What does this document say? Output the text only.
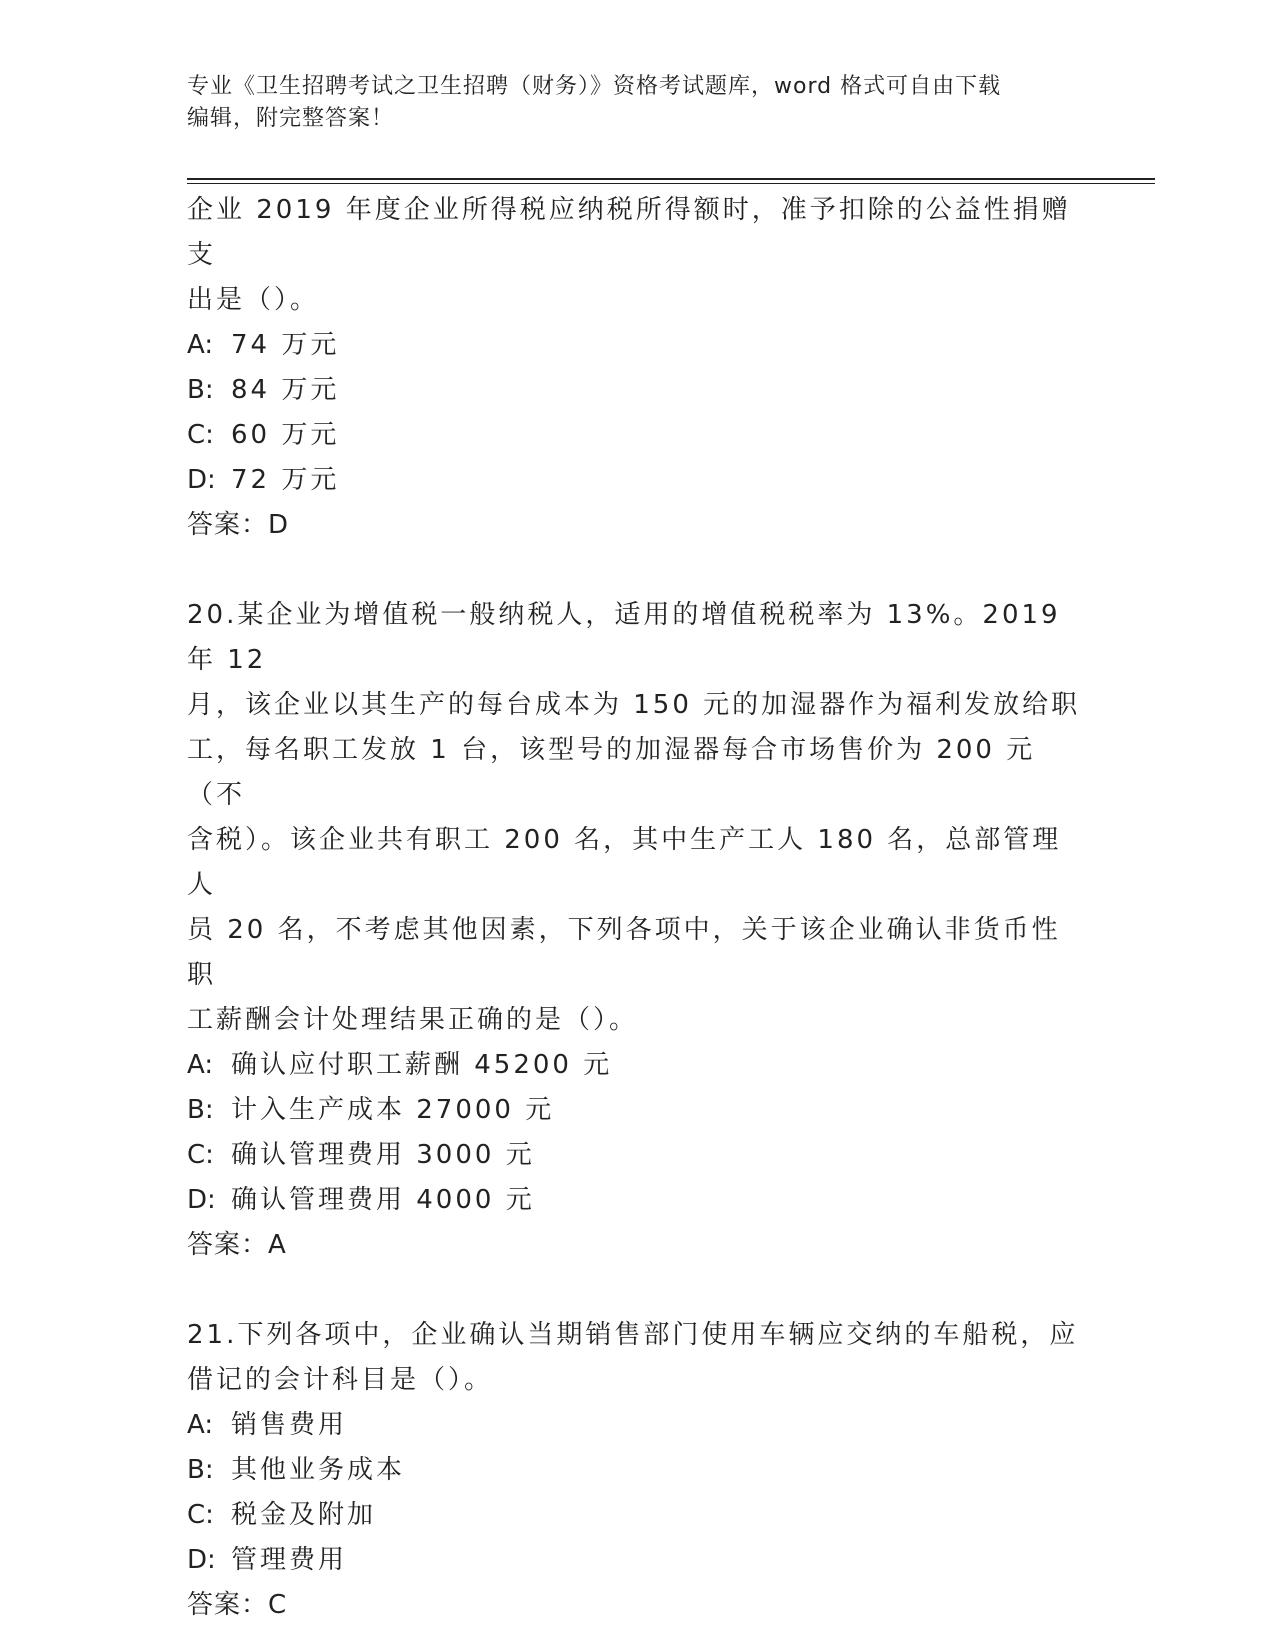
专业《卫生招聘考试之卫生招聘（财务）》资格考试题库，word 格式可自由下载
编辑，附完整答案！
企业 2019 年度企业所得税应纳税所得额时，准予扣除的公益性捐赠支
出是（）。
A: 74 万元
B: 84 万元
C: 60 万元
D: 72 万元
答案：D
20.某企业为增值税一般纳税人，适用的增值税税率为 13%。2019 年 12
月，该企业以其生产的每台成本为 150 元的加湿器作为福利发放给职
工，每名职工发放 1 台，该型号的加湿器每合市场售价为 200 元（不
含税）。该企业共有职工 200 名，其中生产工人 180 名，总部管理人
员 20 名，不考虑其他因素，下列各项中，关于该企业确认非货币性职
工薪酬会计处理结果正确的是（）。
A: 确认应付职工薪酬 45200 元
B: 计入生产成本 27000 元
C: 确认管理费用 3000 元
D: 确认管理费用 4000 元
答案：A
21.下列各项中，企业确认当期销售部门使用车辆应交纳的车船税，应
借记的会计科目是（）。
A: 销售费用
B: 其他业务成本
C: 税金及附加
D: 管理费用
答案：C
